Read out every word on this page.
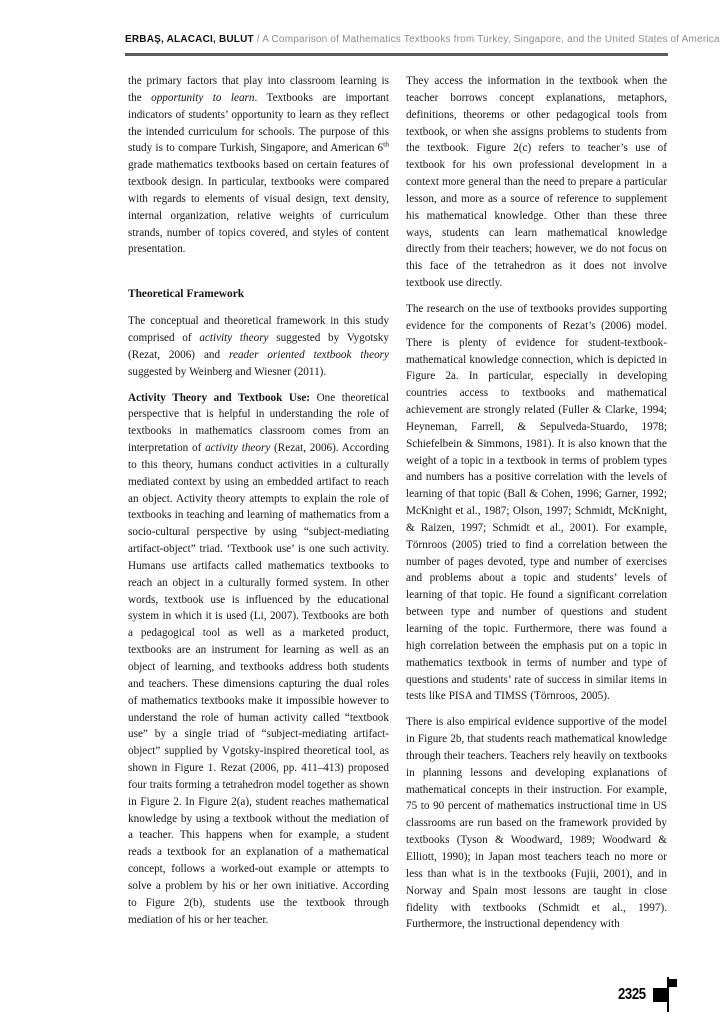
ERBAŞ, ALACACI, BULUT / A Comparison of Mathematics Textbooks from Turkey, Singapore, and the United States of America

the primary factors that play into classroom learning is the opportunity to learn. Textbooks are important indicators of students’ opportunity to learn as they reflect the intended curriculum for schools. The purpose of this study is to compare Turkish, Singapore, and American 6th grade mathematics textbooks based on certain features of textbook design. In particular, textbooks were compared with regards to elements of visual design, text density, internal organization, relative weights of curriculum strands, number of topics covered, and styles of content presentation.

Theoretical Framework

The conceptual and theoretical framework in this study comprised of activity theory suggested by Vygotsky (Rezat, 2006) and reader oriented textbook theory suggested by Weinberg and Wiesner (2011).

Activity Theory and Textbook Use: One theoretical perspective that is helpful in understanding the role of textbooks in mathematics classroom comes from an interpretation of activity theory (Rezat, 2006). According to this theory, humans conduct activities in a culturally mediated context by using an embedded artifact to reach an object. Activity theory attempts to explain the role of textbooks in teaching and learning of mathematics from a socio-cultural perspective by using “subject-mediating artifact-object” triad. ‘Textbook use’ is one such activity. Humans use artifacts called mathematics textbooks to reach an object in a culturally formed system. In other words, textbook use is influenced by the educational system in which it is used (Li, 2007). Textbooks are both a pedagogical tool as well as a marketed product, textbooks are an instrument for learning as well as an object of learning, and textbooks address both students and teachers. These dimensions capturing the dual roles of mathematics textbooks make it impossible however to understand the role of human activity called “textbook use” by a single triad of “subject-mediating artifact-object” supplied by Vgotsky-inspired theoretical tool, as shown in Figure 1. Rezat (2006, pp. 411–413) proposed four traits forming a tetrahedron model together as shown in Figure 2. In Figure 2(a), student reaches mathematical knowledge by using a textbook without the mediation of a teacher. This happens when for example, a student reads a textbook for an explanation of a mathematical concept, follows a worked-out example or attempts to solve a problem by his or her own initiative. According to Figure 2(b), students use the textbook through mediation of his or her teacher.

They access the information in the textbook when the teacher borrows concept explanations, metaphors, definitions, theorems or other pedagogical tools from textbook, or when she assigns problems to students from the textbook. Figure 2(c) refers to teacher’s use of textbook for his own professional development in a context more general than the need to prepare a particular lesson, and more as a source of reference to supplement his mathematical knowledge. Other than these three ways, students can learn mathematical knowledge directly from their teachers; however, we do not focus on this face of the tetrahedron as it does not involve textbook use directly.

The research on the use of textbooks provides supporting evidence for the components of Rezat’s (2006) model. There is plenty of evidence for student-textbook-mathematical knowledge connection, which is depicted in Figure 2a. In particular, especially in developing countries access to textbooks and mathematical achievement are strongly related (Fuller & Clarke, 1994; Heyneman, Farrell, & Sepulveda-Stuardo, 1978; Schiefelbein & Simmons, 1981). It is also known that the weight of a topic in a textbook in terms of problem types and numbers has a positive correlation with the levels of learning of that topic (Ball & Cohen, 1996; Garner, 1992; McKnight et al., 1987; Olson, 1997; Schmidt, McKnight, & Raizen, 1997; Schmidt et al., 2001). For example, Törnroos (2005) tried to find a correlation between the number of pages devoted, type and number of exercises and problems about a topic and students’ levels of learning of that topic. He found a significant correlation between type and number of questions and student learning of the topic. Furthermore, there was found a high correlation between the emphasis put on a topic in mathematics textbook in terms of number and type of questions and students’ rate of success in similar items in tests like PISA and TIMSS (Törnroos, 2005).

There is also empirical evidence supportive of the model in Figure 2b, that students reach mathematical knowledge through their teachers. Teachers rely heavily on textbooks in planning lessons and developing explanations of mathematical concepts in their instruction. For example, 75 to 90 percent of mathematics instructional time in US classrooms are run based on the framework provided by textbooks (Tyson & Woodward, 1989; Woodward & Elliott, 1990); in Japan most teachers teach no more or less than what is in the textbooks (Fujii, 2001), and in Norway and Spain most lessons are taught in close fidelity with textbooks (Schmidt et al., 1997). Furthermore, the instructional dependency with

2325
